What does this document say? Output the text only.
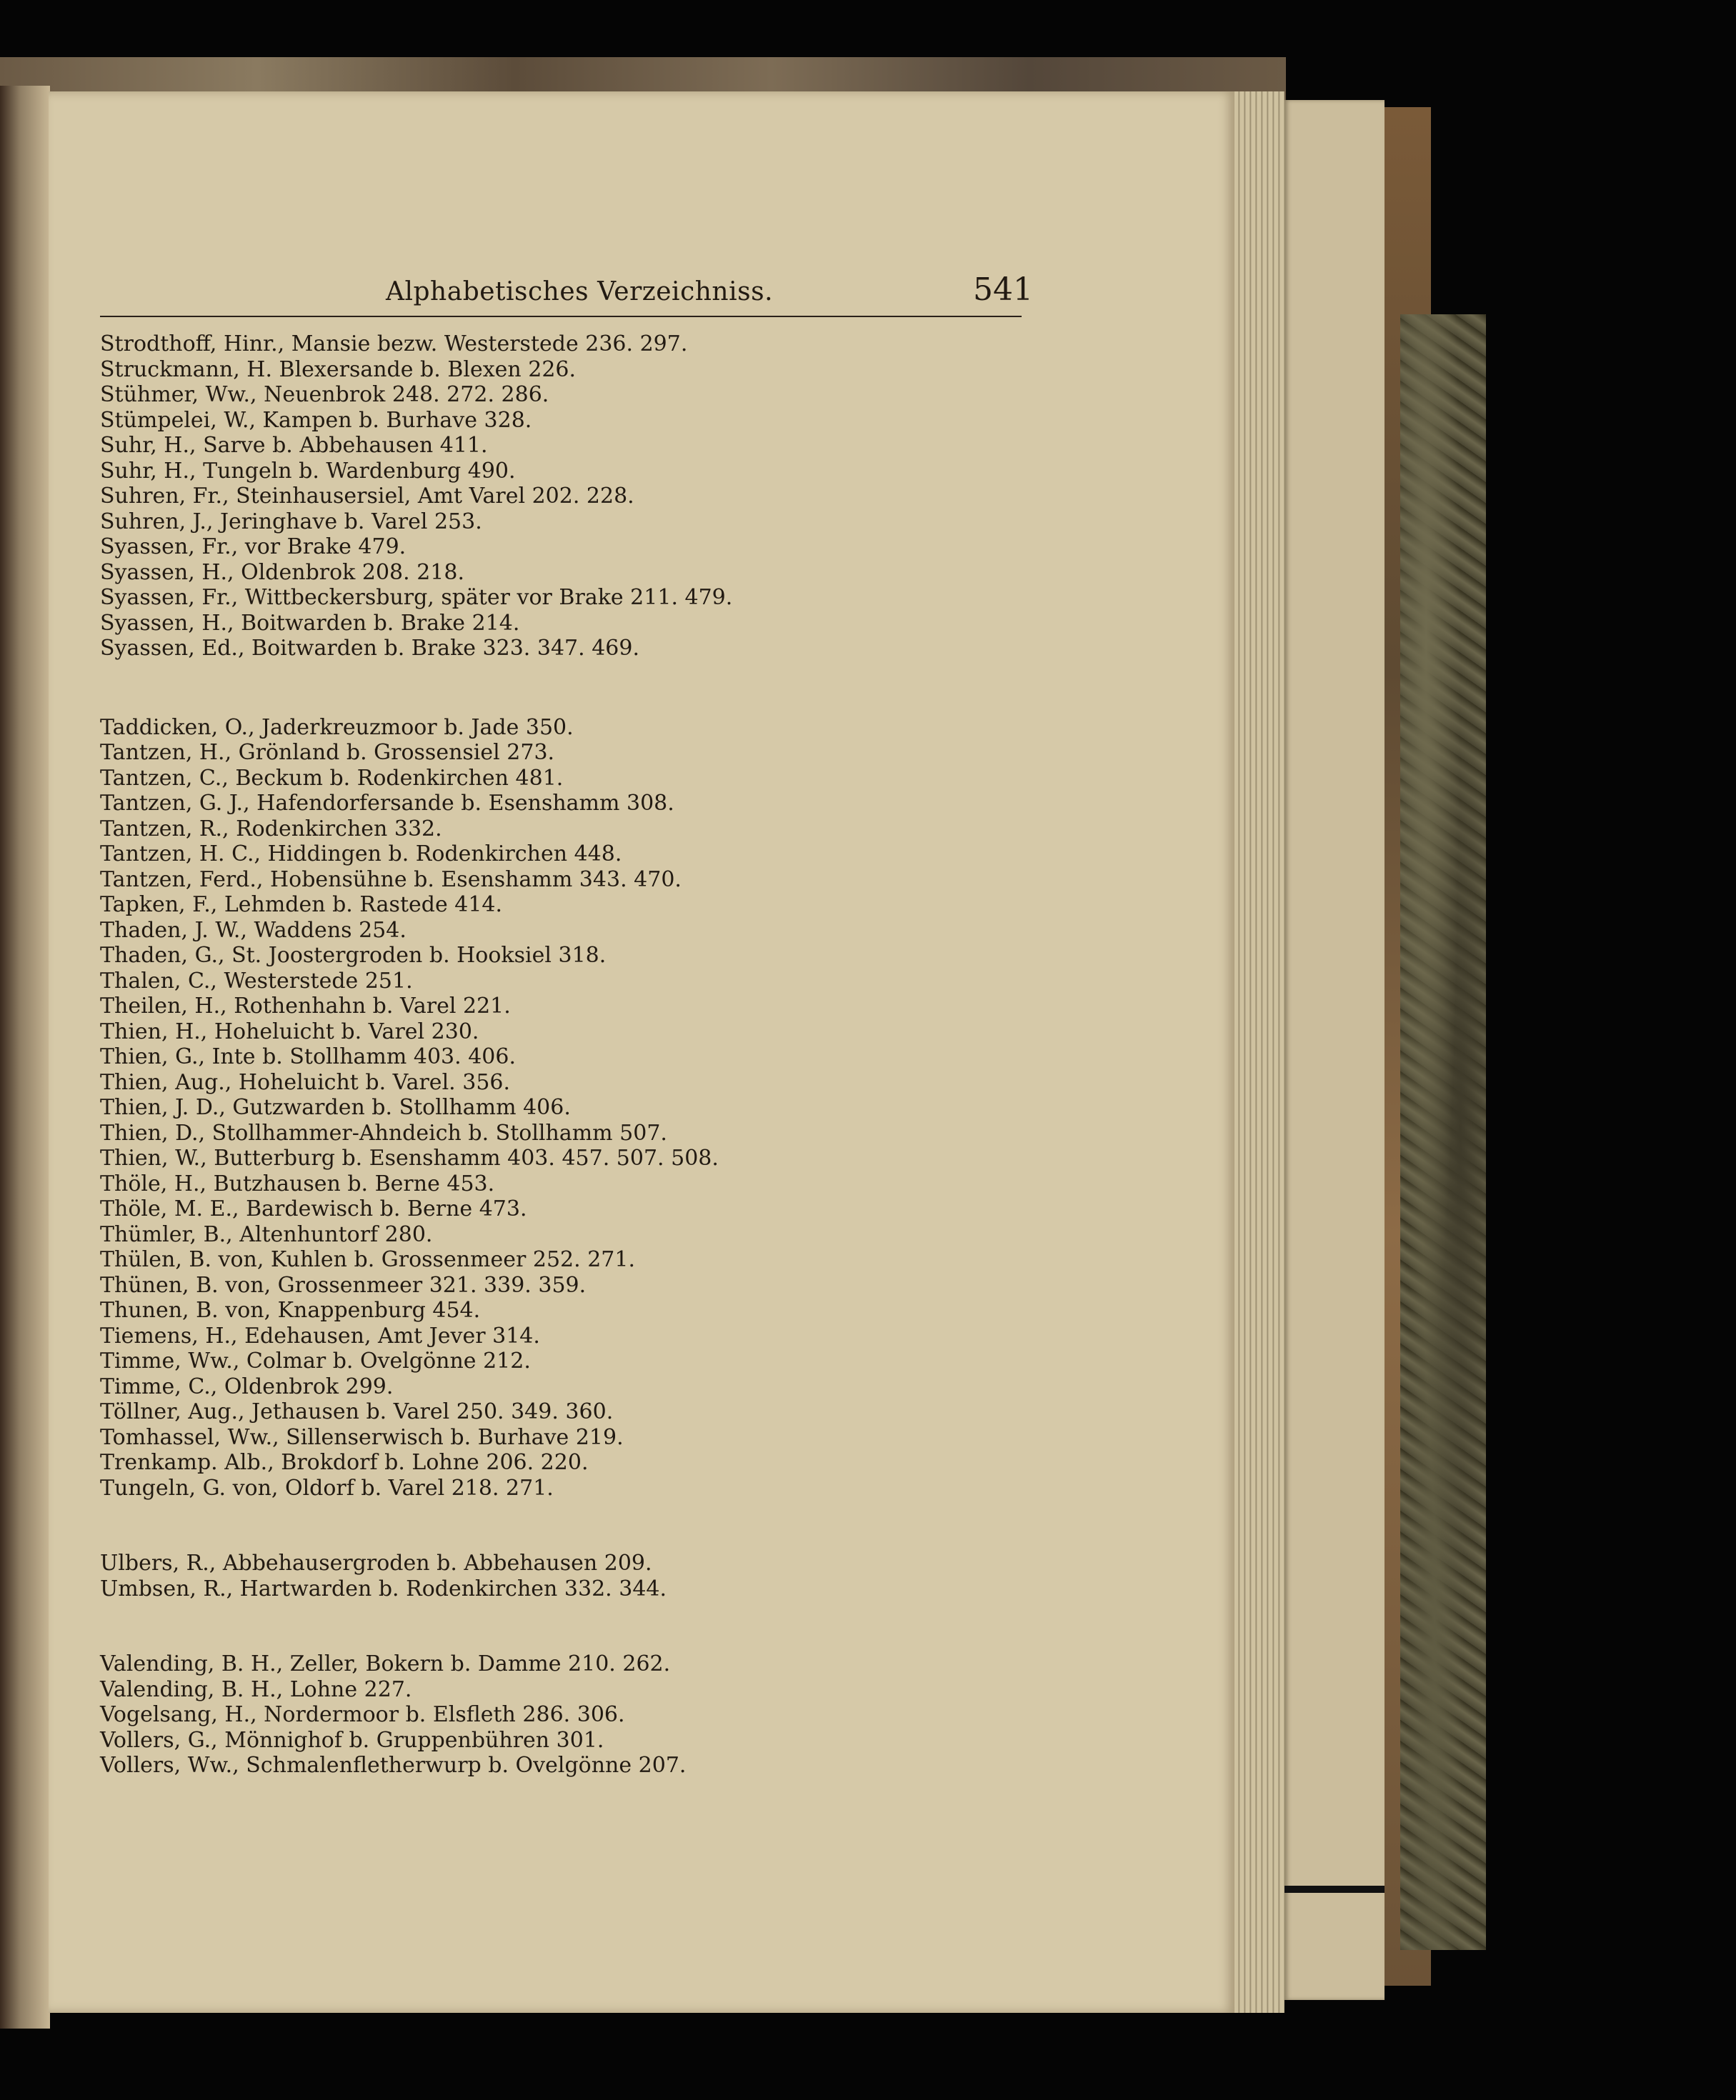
Alphabetisches Verzeichniss.	541
Strodthoff, Hinr., Mansie bezw. Westerstede 236. 297.
Struckmann, H. Blexersande b. Blexen 226.
Stühmer, Ww., Neuenbrok 248. 272. 286.
Stümpelei, W., Kampen b. Burhave 328.
Suhr, H., Sarve b. Abbehausen 411.
Suhr, H., Tungeln b. Wardenburg 490.
Suhren, Fr., Steinhausersiel, Amt Varel 202. 228.
Suhren, J., Jeringhave b. Varel 253.
Syassen, Fr., vor Brake 479.
Syassen, H., Oldenbrok 208. 218.
Syassen, Fr., Wittbeckersburg, später vor Brake 211. 479.
Syassen, H., Boitwarden b. Brake 214.
Syassen, Ed., Boitwarden b. Brake 323. 347. 469.
Taddicken, O., Jaderkreuzmoor b. Jade 350.
Tantzen, H., Grönland b. Grossensiel 273.
Tantzen, C., Beckum b. Rodenkirchen 481.
Tantzen, G. J., Hafendorfersande b. Esenshamm 308.
Tantzen, R., Rodenkirchen 332.
Tantzen, H. C., Hiddingen b. Rodenkirchen 448.
Tantzen, Ferd., Hobensühne b. Esenshamm 343. 470.
Tapken, F., Lehmden b. Rastede 414.
Thaden, J. W., Waddens 254.
Thaden, G., St. Joostergroden b. Hooksiel 318.
Thalen, C., Westerstede 251.
Theilen, H., Rothenhahn b. Varel 221.
Thien, H., Hoheluicht b. Varel 230.
Thien, G., Inte b. Stollhamm 403. 406.
Thien, Aug., Hoheluicht b. Varel. 356.
Thien, J. D., Gutzwarden b. Stollhamm 406.
Thien, D., Stollhammer-Ahndeich b. Stollhamm 507.
Thien, W., Butterburg b. Esenshamm 403. 457. 507. 508.
Thöle, H., Butzhausen b. Berne 453.
Thöle, M. E., Bardewisch b. Berne 473.
Thümler, B., Altenhuntorf 280.
Thülen, B. von, Kuhlen b. Grossenmeer 252. 271.
Thünen, B. von, Grossenmeer 321. 339. 359.
Thunen, B. von, Knappenburg 454.
Tiemens, H., Edehausen, Amt Jever 314.
Timme, Ww., Colmar b. Ovelgönne 212.
Timme, C., Oldenbrok 299.
Töllner, Aug., Jethausen b. Varel 250. 349. 360.
Tomhassel, Ww., Sillenserwisch b. Burhave 219.
Trenkamp. Alb., Brokdorf b. Lohne 206. 220.
Tungeln, G. von, Oldorf b. Varel 218. 271.
Ulbers, R., Abbehausergroden b. Abbehausen 209.
Umbsen, R., Hartwarden b. Rodenkirchen 332. 344.
Valending, B. H., Zeller, Bokern b. Damme 210. 262.
Valending, B. H., Lohne 227.
Vogelsang, H., Nordermoor b. Elsfleth 286. 306.
Vollers, G., Mönnighof b. Gruppenbühren 301.
Vollers, Ww., Schmalenfletherwurp b. Ovelgönne 207.
